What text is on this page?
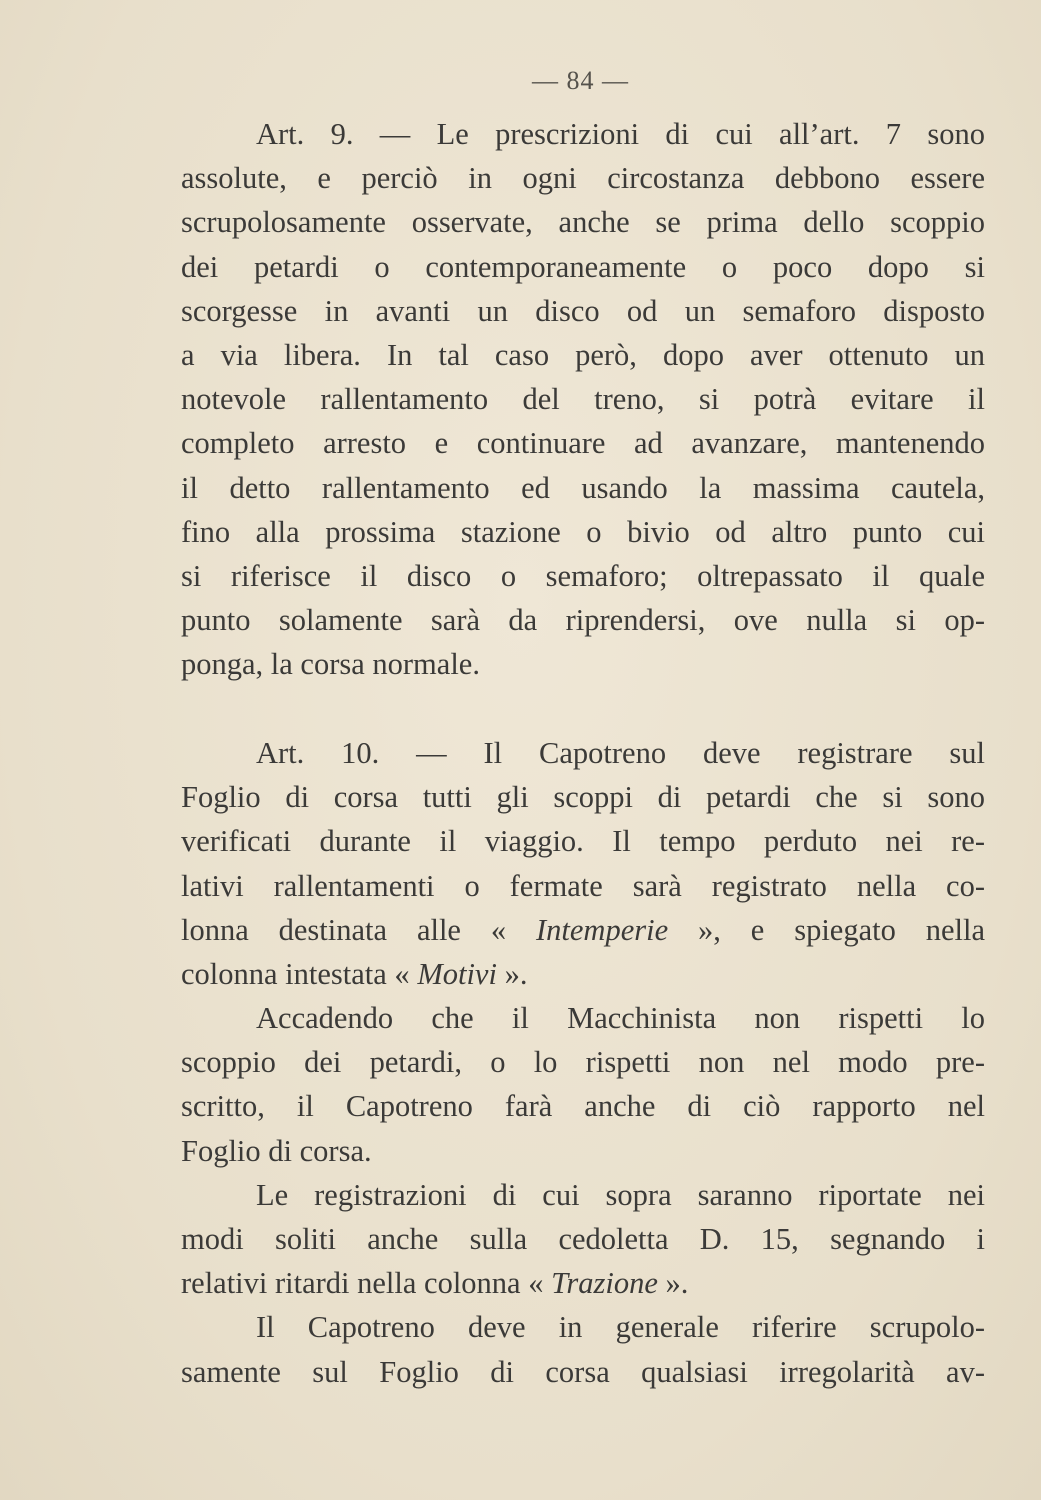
— 84 —
Art. 9. — Le prescrizioni di cui all’art. 7 sono
assolute, e perciò in ogni circostanza debbono essere
scrupolosamente osservate, anche se prima dello scoppio
dei petardi o contemporaneamente o poco dopo si
scorgesse in avanti un disco od un semaforo disposto
a via libera. In tal caso però, dopo aver ottenuto un
notevole rallentamento del treno, si potrà evitare il
completo arresto e continuare ad avanzare, mantenendo
il detto rallentamento ed usando la massima cautela,
fino alla prossima stazione o bivio od altro punto cui
si riferisce il disco o semaforo; oltrepassato il quale
punto solamente sarà da riprendersi, ove nulla si op-
ponga, la corsa normale.
Art. 10. — Il Capotreno deve registrare sul
Foglio di corsa tutti gli scoppi di petardi che si sono
verificati durante il viaggio. Il tempo perduto nei re-
lativi rallentamenti o fermate sarà registrato nella co-
lonna destinata alle « Intemperie », e spiegato nella
colonna intestata « Motivi ».
Accadendo che il Macchinista non rispetti lo
scoppio dei petardi, o lo rispetti non nel modo pre-
scritto, il Capotreno farà anche di ciò rapporto nel
Foglio di corsa.
Le registrazioni di cui sopra saranno riportate nei
modi soliti anche sulla cedoletta D. 15, segnando i
relativi ritardi nella colonna « Trazione ».
Il Capotreno deve in generale riferire scrupolo-
samente sul Foglio di corsa qualsiasi irregolarità av-
